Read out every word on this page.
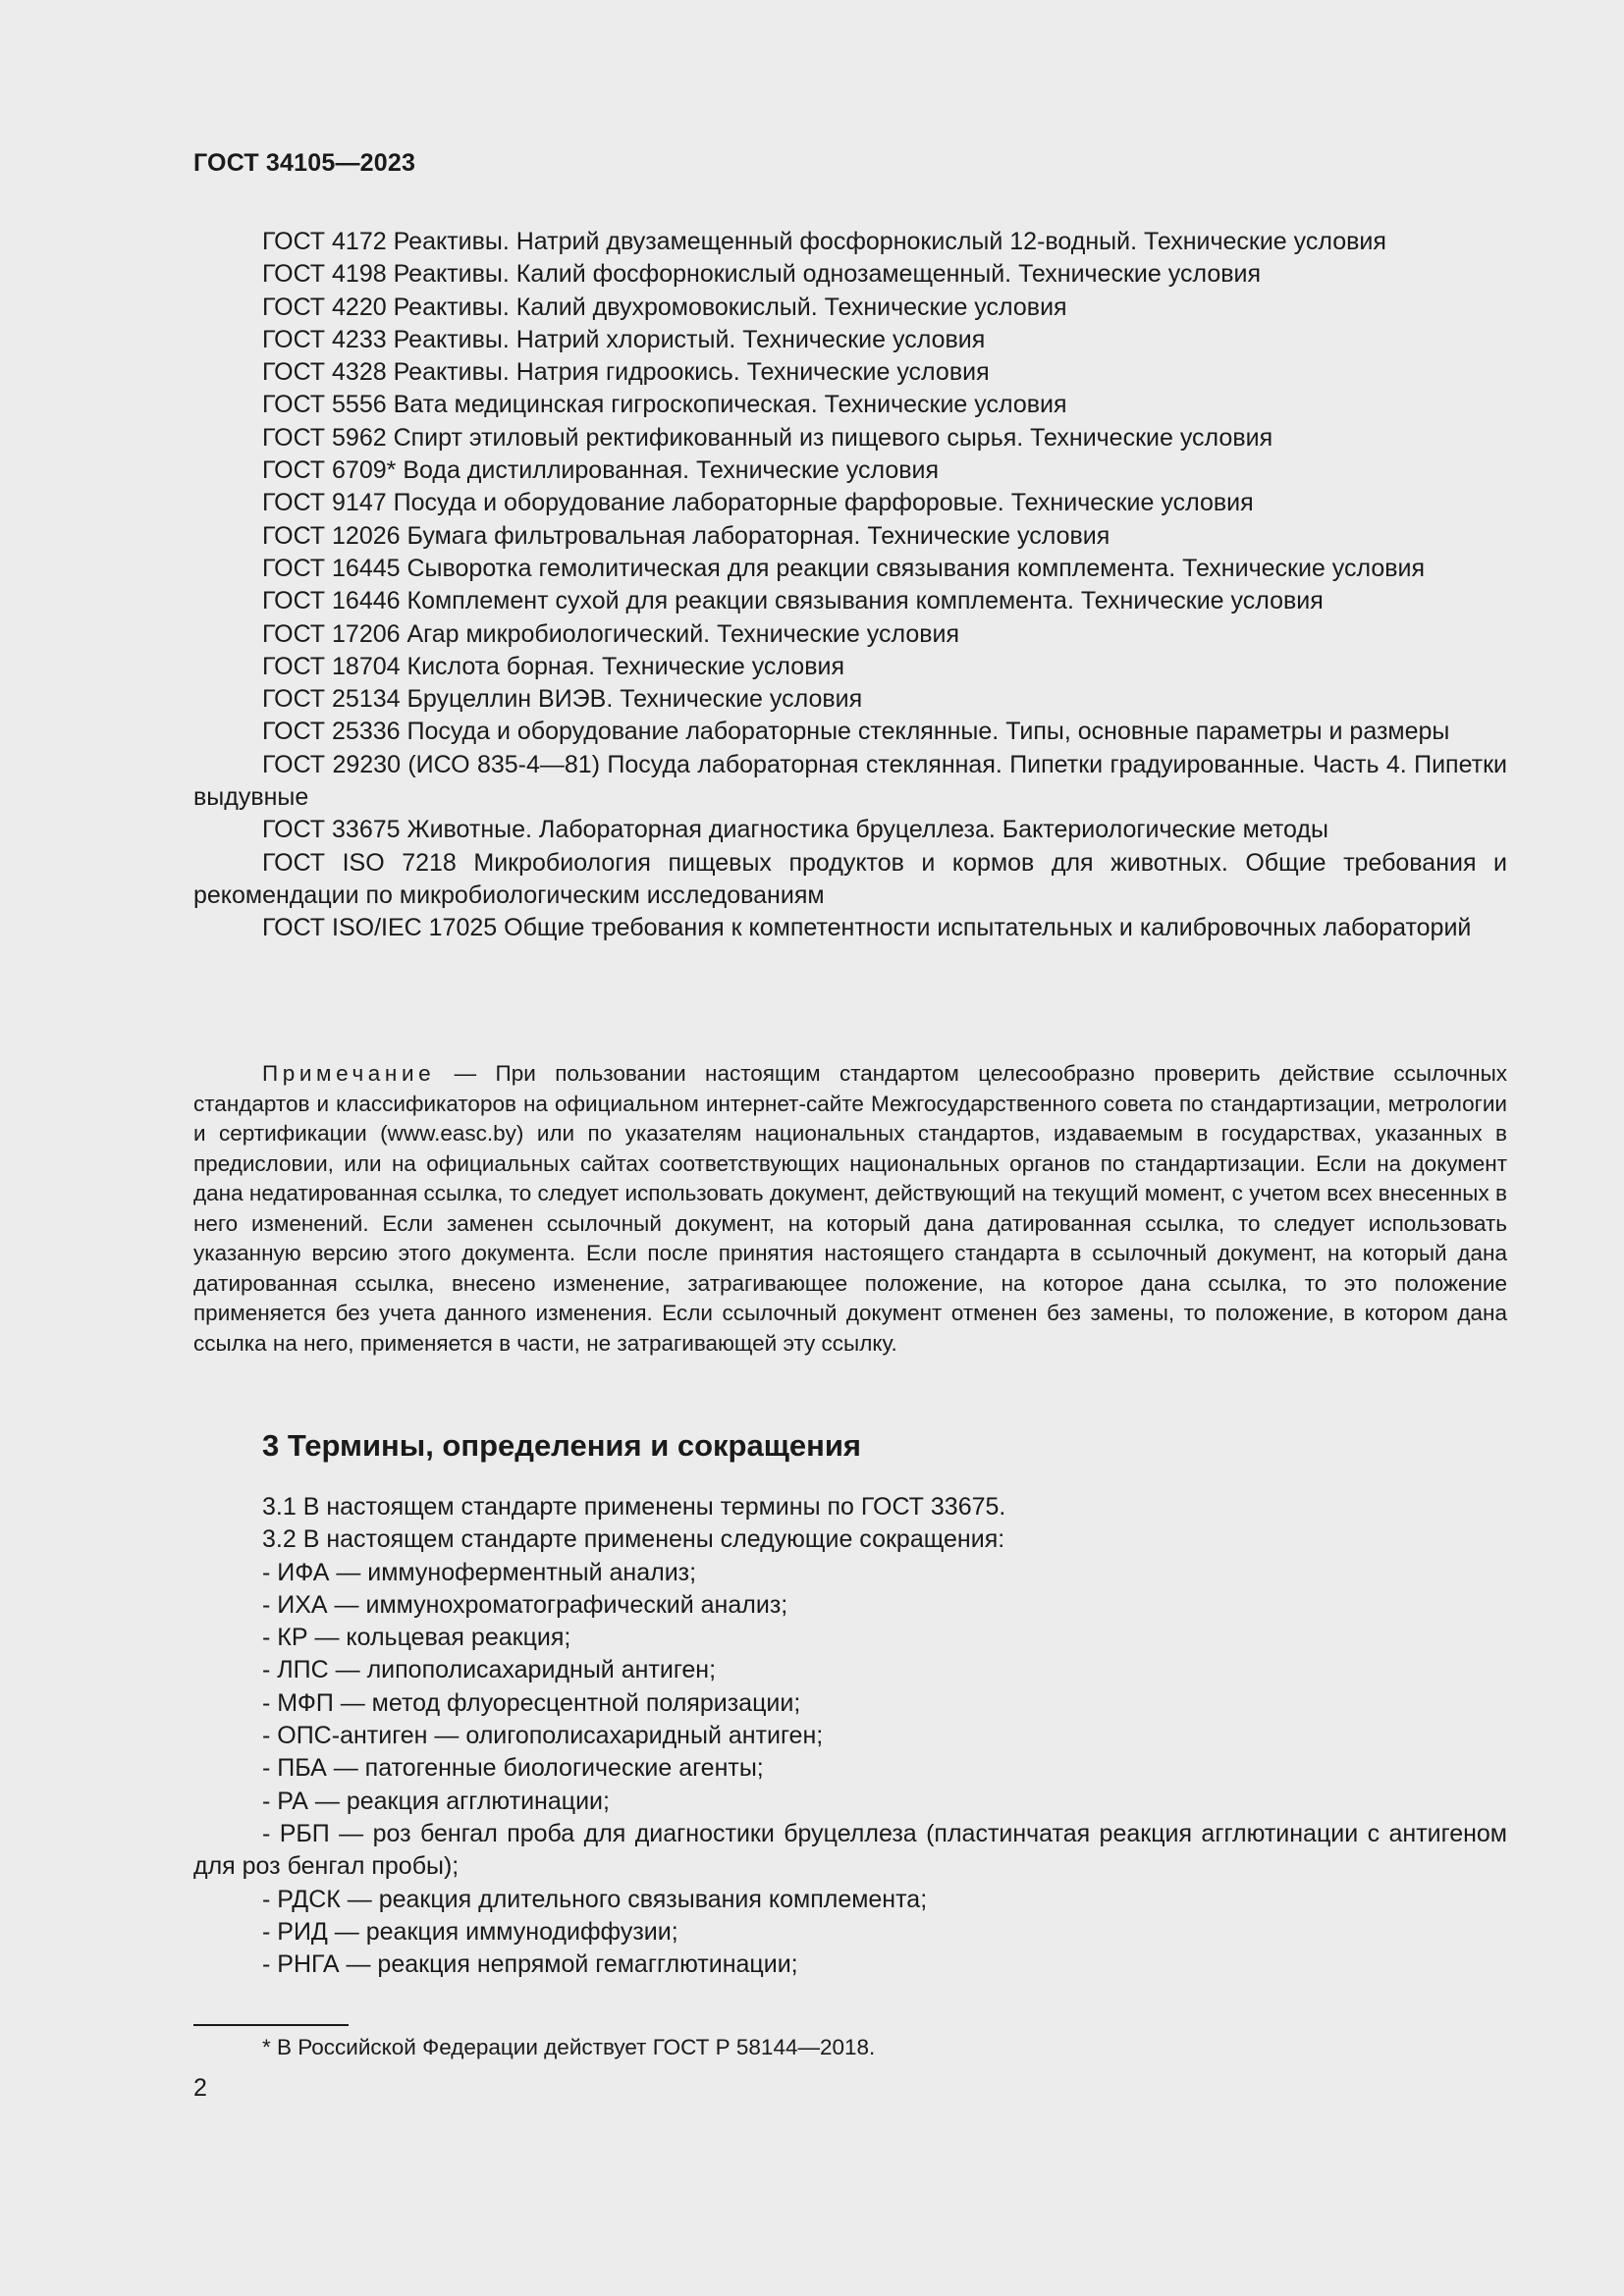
ГОСТ 34105—2023
ГОСТ 4172 Реактивы. Натрий двузамещенный фосфорнокислый 12-водный. Технические условия
ГОСТ 4198 Реактивы. Калий фосфорнокислый однозамещенный. Технические условия
ГОСТ 4220 Реактивы. Калий двухромовокислый. Технические условия
ГОСТ 4233 Реактивы. Натрий хлористый. Технические условия
ГОСТ 4328 Реактивы. Натрия гидроокись. Технические условия
ГОСТ 5556 Вата медицинская гигроскопическая. Технические условия
ГОСТ 5962 Спирт этиловый ректификованный из пищевого сырья. Технические условия
ГОСТ 6709* Вода дистиллированная. Технические условия
ГОСТ 9147 Посуда и оборудование лабораторные фарфоровые. Технические условия
ГОСТ 12026 Бумага фильтровальная лабораторная. Технические условия
ГОСТ 16445 Сыворотка гемолитическая для реакции связывания комплемента. Технические условия
ГОСТ 16446 Комплемент сухой для реакции связывания комплемента. Технические условия
ГОСТ 17206 Агар микробиологический. Технические условия
ГОСТ 18704 Кислота борная. Технические условия
ГОСТ 25134 Бруцеллин ВИЭВ. Технические условия
ГОСТ 25336 Посуда и оборудование лабораторные стеклянные. Типы, основные параметры и размеры
ГОСТ 29230 (ИСО 835-4—81) Посуда лабораторная стеклянная. Пипетки градуированные. Часть 4. Пипетки выдувные
ГОСТ 33675 Животные. Лабораторная диагностика бруцеллеза. Бактериологические методы
ГОСТ ISO 7218 Микробиология пищевых продуктов и кормов для животных. Общие требования и рекомендации по микробиологическим исследованиям
ГОСТ ISO/IEC 17025 Общие требования к компетентности испытательных и калибровочных лабораторий
Примечание — При пользовании настоящим стандартом целесообразно проверить действие ссылочных стандартов и классификаторов на официальном интернет-сайте Межгосударственного совета по стандартизации, метрологии и сертификации (www.easc.by) или по указателям национальных стандартов, издаваемым в государствах, указанных в предисловии, или на официальных сайтах соответствующих национальных органов по стандартизации. Если на документ дана недатированная ссылка, то следует использовать документ, действующий на текущий момент, с учетом всех внесенных в него изменений. Если заменен ссылочный документ, на который дана датированная ссылка, то следует использовать указанную версию этого документа. Если после принятия настоящего стандарта в ссылочный документ, на который дана датированная ссылка, внесено изменение, затрагивающее положение, на которое дана ссылка, то это положение применяется без учета данного изменения. Если ссылочный документ отменен без замены, то положение, в котором дана ссылка на него, применяется в части, не затрагивающей эту ссылку.
3 Термины, определения и сокращения
3.1 В настоящем стандарте применены термины по ГОСТ 33675.
3.2 В настоящем стандарте применены следующие сокращения:
- ИФА — иммуноферментный анализ;
- ИХА — иммунохроматографический анализ;
- КР — кольцевая реакция;
- ЛПС — липополисахаридный антиген;
- МФП — метод флуоресцентной поляризации;
- ОПС-антиген — олигополисахаридный антиген;
- ПБА — патогенные биологические агенты;
- РА — реакция агглютинации;
- РБП — роз бенгал проба для диагностики бруцеллеза (пластинчатая реакция агглютинации с антигеном для роз бенгал пробы);
- РДСК — реакция длительного связывания комплемента;
- РИД — реакция иммунодиффузии;
- РНГА — реакция непрямой гемагглютинации;
* В Российской Федерации действует ГОСТ Р 58144—2018.
2
